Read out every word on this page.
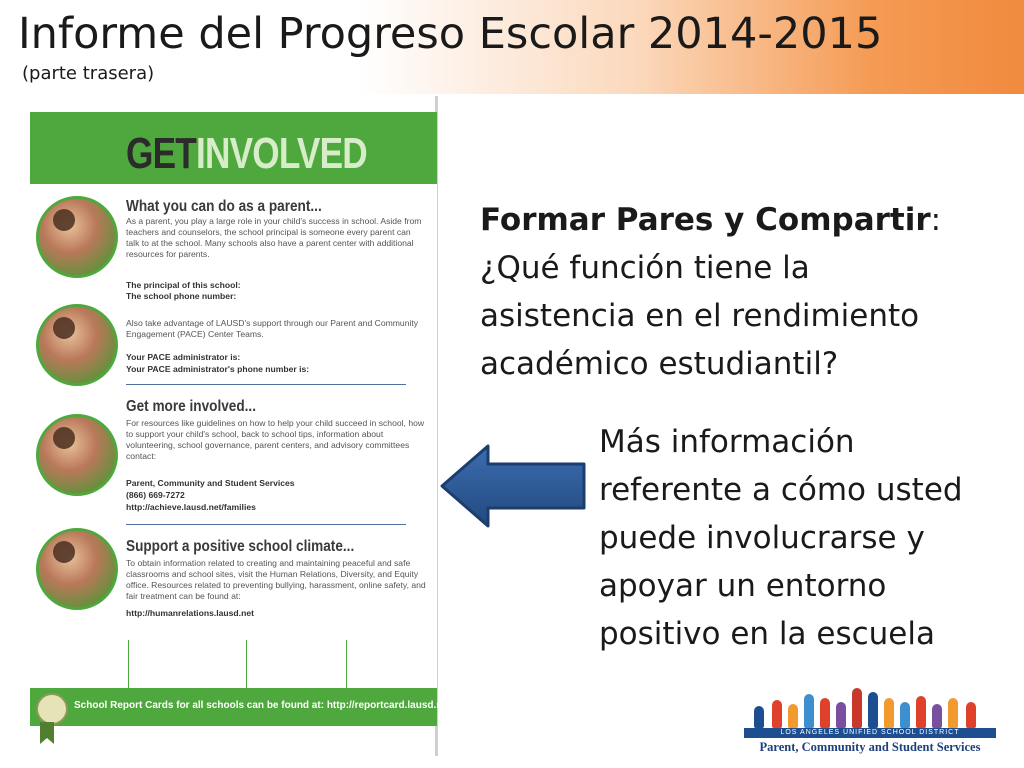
Informe del Progreso Escolar 2014-2015
(parte trasera)
GETINVOLVED
What you can do as a parent...
As a parent, you play a large role in your child's success in school. Aside from teachers and counselors, the school principal is someone every parent can talk to at the school. Many schools also have a parent center with additional resources for parents.
The principal of this school:
The school phone number:
Also take advantage of LAUSD's support through our Parent and Community Engagement (PACE) Center Teams.
Your PACE administrator is:
Your PACE administrator's phone number is:
Get more involved...
For resources like guidelines on how to help your child succeed in school, how to support your child's school, back to school tips, information about volunteering, school governance, parent centers, and advisory committees contact:
Parent, Community and Student Services
(866) 669-7272
http://achieve.lausd.net/families
Support a positive school climate...
To obtain information related to creating and maintaining peaceful and safe classrooms and school sites, visit the Human Relations, Diversity, and Equity office. Resources related to preventing bullying, harassment, online safety, and fair treatment can be found at:
http://humanrelations.lausd.net
School Report Cards for all schools can be found at: http://reportcard.lausd.net
Formar Pares y Compartir:
¿Qué función tiene la asistencia en el rendimiento académico estudiantil?
Más información referente a cómo usted puede involucrarse y apoyar un entorno positivo en la escuela
LOS ANGELES UNIFIED SCHOOL DISTRICT
Parent, Community and Student Services
